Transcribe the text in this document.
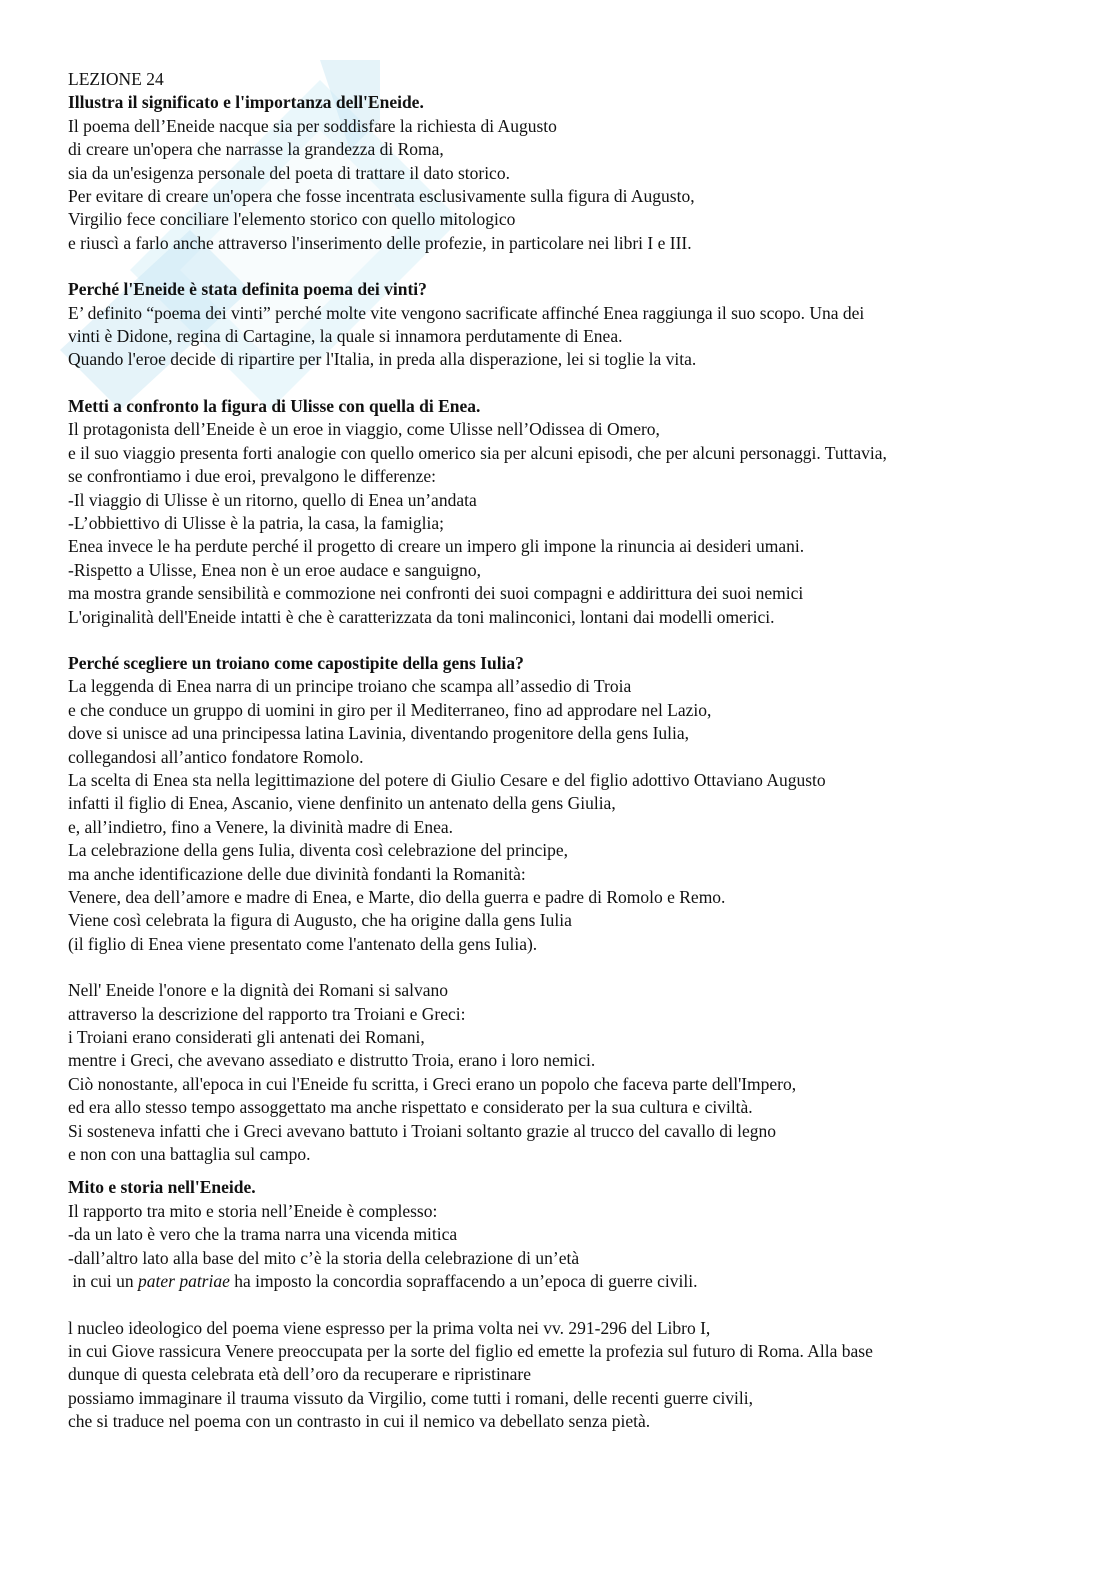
LEZIONE 24
Illustra il significato e l'importanza dell'Eneide.
Il poema dell’Eneide nacque sia per soddisfare la richiesta di Augusto
di creare un'opera che narrasse la grandezza di Roma,
sia da un'esigenza personale del poeta di trattare il dato storico.
Per evitare di creare un'opera che fosse incentrata esclusivamente sulla figura di Augusto,
Virgilio fece conciliare l'elemento storico con quello mitologico
e riuscì a farlo anche attraverso l'inserimento delle profezie, in particolare nei libri I e III.
Perché l'Eneide è stata definita poema dei vinti?
E’ definito “poema dei vinti” perché molte vite vengono sacrificate affinché Enea raggiunga il suo scopo. Una dei
vinti è Didone, regina di Cartagine, la quale si innamora perdutamente di Enea.
Quando l'eroe decide di ripartire per l'Italia, in preda alla disperazione, lei si toglie la vita.
Metti a confronto la figura di Ulisse con quella di Enea.
Il protagonista dell’Eneide è un eroe in viaggio, come Ulisse nell’Odissea di Omero,
e il suo viaggio presenta forti analogie con quello omerico sia per alcuni episodi, che per alcuni personaggi. Tuttavia,
se confrontiamo i due eroi, prevalgono le differenze:
-Il viaggio di Ulisse è un ritorno, quello di Enea un’andata
-L’obbiettivo di Ulisse è la patria, la casa, la famiglia;
Enea invece le ha perdute perché il progetto di creare un impero gli impone la rinuncia ai desideri umani.
-Rispetto a Ulisse, Enea non è un eroe audace e sanguigno,
ma mostra grande sensibilità e commozione nei confronti dei suoi compagni e addirittura dei suoi nemici
L'originalità dell'Eneide intatti è che è caratterizzata da toni malinconici, lontani dai modelli omerici.
Perché scegliere un troiano come capostipite della gens Iulia?
La leggenda di Enea narra di un principe troiano che scampa all’assedio di Troia
e che conduce un gruppo di uomini in giro per il Mediterraneo, fino ad approdare nel Lazio,
dove si unisce ad una principessa latina Lavinia, diventando progenitore della gens Iulia,
collegandosi all’antico fondatore Romolo.
La scelta di Enea sta nella legittimazione del potere di Giulio Cesare e del figlio adottivo Ottaviano Augusto
infatti il figlio di Enea, Ascanio, viene denfinito un antenato della gens Giulia,
e, all’indietro, fino a Venere, la divinità madre di Enea.
La celebrazione della gens Iulia, diventa così celebrazione del principe,
ma anche identificazione delle due divinità fondanti la Romanità:
Venere, dea dell’amore e madre di Enea, e Marte, dio della guerra e padre di Romolo e Remo.
Viene così celebrata la figura di Augusto, che ha origine dalla gens Iulia
(il figlio di Enea viene presentato come l'antenato della gens Iulia).
Nell' Eneide l'onore e la dignità dei Romani si salvano
attraverso la descrizione del rapporto tra Troiani e Greci:
i Troiani erano considerati gli antenati dei Romani,
mentre i Greci, che avevano assediato e distrutto Troia, erano i loro nemici.
Ciò nonostante, all'epoca in cui l'Eneide fu scritta, i Greci erano un popolo che faceva parte dell'Impero,
ed era allo stesso tempo assoggettato ma anche rispettato e considerato per la sua cultura e civiltà.
Si sosteneva infatti che i Greci avevano battuto i Troiani soltanto grazie al trucco del cavallo di legno
e non con una battaglia sul campo.
Mito e storia nell'Eneide.
Il rapporto tra mito e storia nell’Eneide è complesso:
-da un lato è vero che la trama narra una vicenda mitica
-dall’altro lato alla base del mito c’è la storia della celebrazione di un’età
in cui un pater patriae ha imposto la concordia sopraffacendo a un’epoca di guerre civili.
l nucleo ideologico del poema viene espresso per la prima volta nei vv. 291-296 del Libro I,
in cui Giove rassicura Venere preoccupata per la sorte del figlio ed emette la profezia sul futuro di Roma. Alla base
dunque di questa celebrata età dell’oro da recuperare e ripristinare
possiamo immaginare il trauma vissuto da Virgilio, come tutti i romani, delle recenti guerre civili,
che si traduce nel poema con un contrasto in cui il nemico va debellato senza pietà.
